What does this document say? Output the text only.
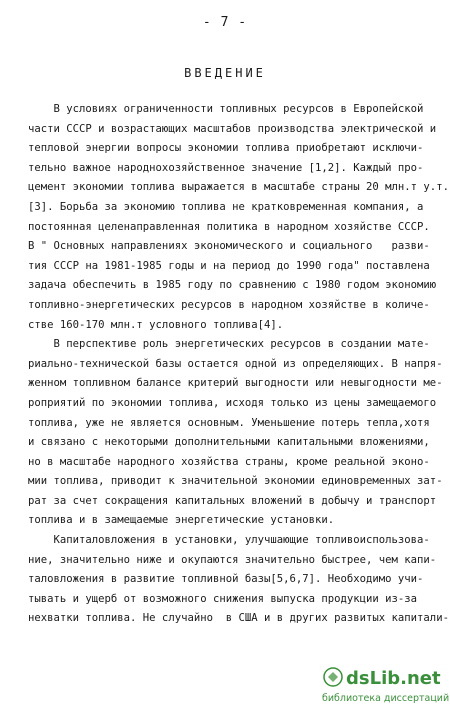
- 7 -
ВВЕДЕНИЕ
В условиях ограниченности топливных ресурсов в Европейской
части СССР и возрастающих масштабов производства электрической и
тепловой энергии вопросы экономии топлива приобретают исключи-
тельно важное народнохозяйственное значение [1,2]. Каждый про-
цемент экономии топлива выражается в масштабе страны 20 млн.т у.т.
[3]. Борьба за экономию топлива не кратковременная компания, а
постоянная целенаправленная политика в народном хозяйстве СССР.
В " Основных направлениях экономического и социального   разви-
тия СССР на 1981-1985 годы и на период до 1990 года" поставлена
задача обеспечить в 1985 году по сравнению с 1980 годом экономию
топливно-энергетических ресурсов в народном хозяйстве в количе-
стве 160-170 млн.т условного топлива[4].
В перспективе роль энергетических ресурсов в создании мате-
риально-технической базы остается одной из определяющих. В напря-
женном топливном балансе критерий выгодности или невыгодности ме-
роприятий по экономии топлива, исходя только из цены замещаемого
топлива, уже не является основным. Уменьшение потерь тепла,хотя
и связано с некоторыми дополнительными капитальными вложениями,
но в масштабе народного хозяйства страны, кроме реальной эконо-
мии топлива, приводит к значительной экономии единовременных зат-
рат за счет сокращения капитальных вложений в добычу и транспорт
топлива и в замещаемые энергетические установки.
Капиталовложения в установки, улучшающие топливоиспользова-
ние, значительно ниже и окупаются значительно быстрее, чем капи-
таловложения в развитие топливной базы[5,6,7]. Необходимо учи-
тывать и ущерб от возможного снижения выпуска продукции из-за
нехватки топлива. Не случайно  в США и в других развитых капитали-
dsLib.net
библиотека диссертаций
